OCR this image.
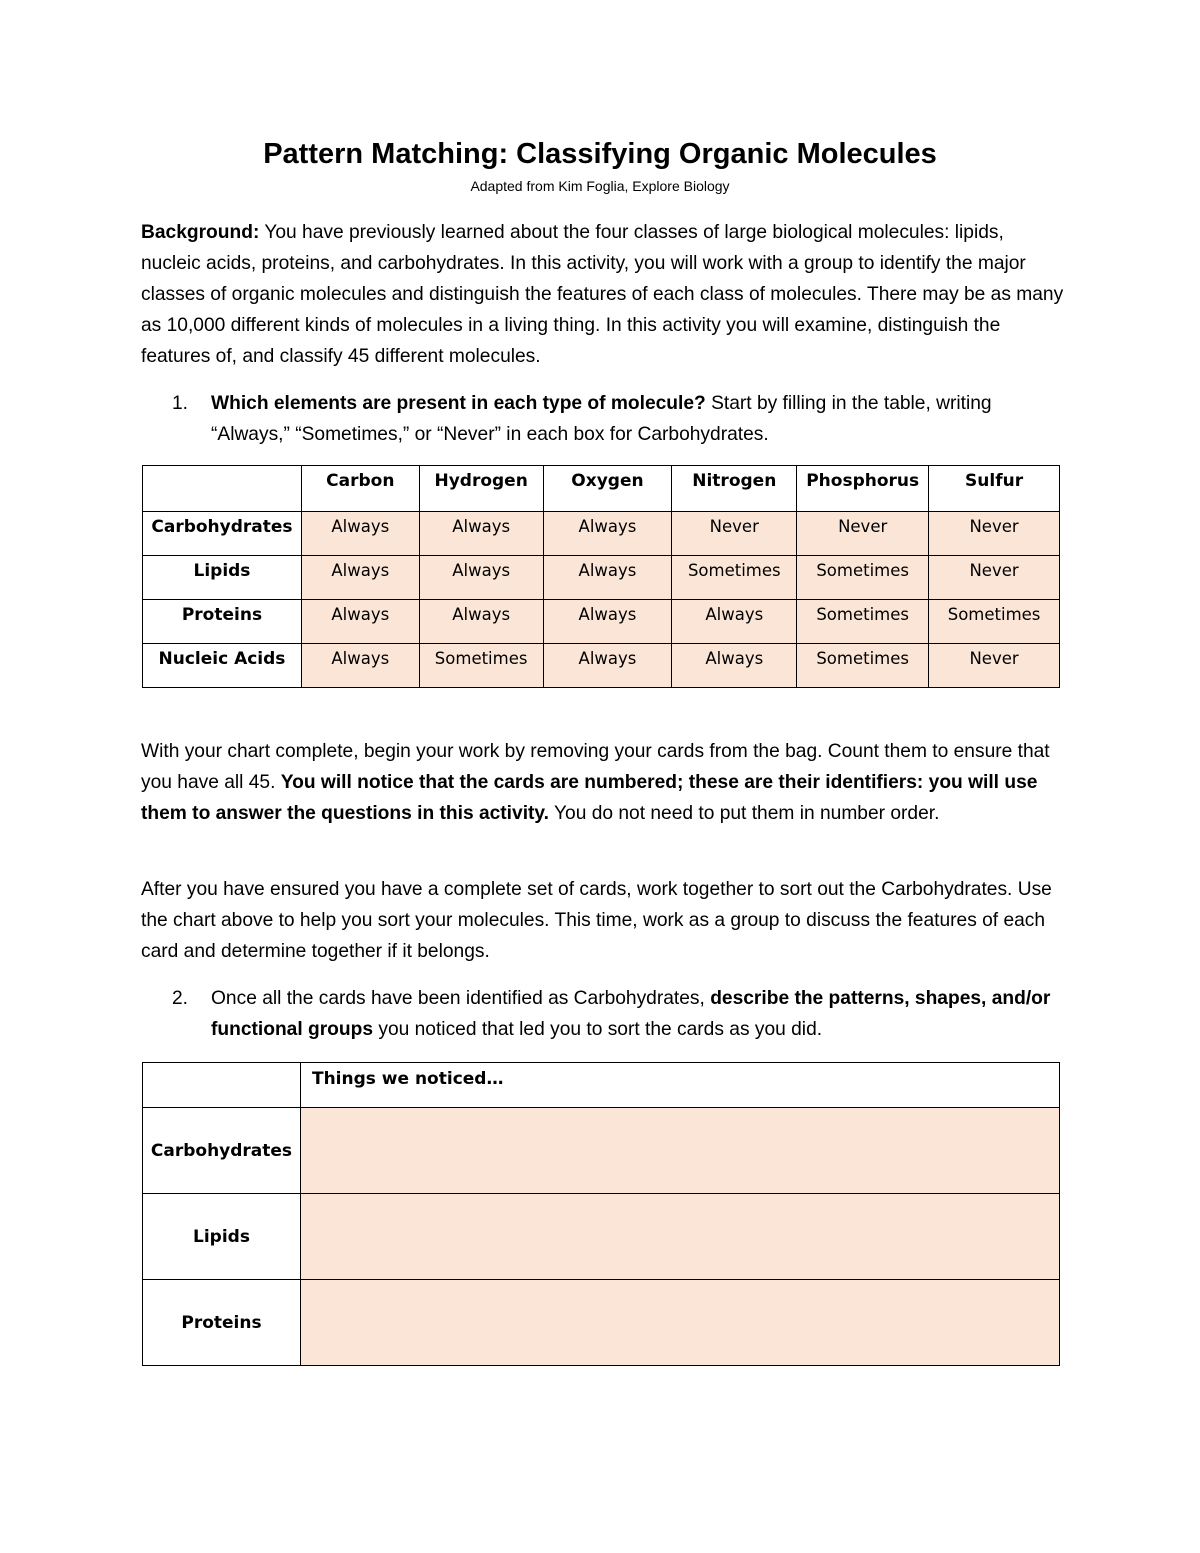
Pattern Matching: Classifying Organic Molecules
Adapted from Kim Foglia, Explore Biology

Background: You have previously learned about the four classes of large biological molecules: lipids, nucleic acids, proteins, and carbohydrates. In this activity, you will work with a group to identify the major classes of organic molecules and distinguish the features of each class of molecules. There may be as many as 10,000 different kinds of molecules in a living thing. In this activity you will examine, distinguish the features of, and classify 45 different molecules.

1. Which elements are present in each type of molecule? Start by filling in the table, writing “Always,” “Sometimes,” or “Never” in each box for Carbohydrates.
	Carbon	Hydrogen	Oxygen	Nitrogen	Phosphorus	Sulfur
Carbohydrates	Always	Always	Always	Never	Never	Never
Lipids	Always	Always	Always	Sometimes	Sometimes	Never
Proteins	Always	Always	Always	Always	Sometimes	Sometimes
Nucleic Acids	Always	Sometimes	Always	Always	Sometimes	Never

With your chart complete, begin your work by removing your cards from the bag. Count them to ensure that you have all 45. You will notice that the cards are numbered; these are their identifiers: you will use them to answer the questions in this activity. You do not need to put them in number order.

After you have ensured you have a complete set of cards, work together to sort out the Carbohydrates. Use the chart above to help you sort your molecules. This time, work as a group to discuss the features of each card and determine together if it belongs.

2. Once all the cards have been identified as Carbohydrates, describe the patterns, shapes, and/or functional groups you noticed that led you to sort the cards as you did.
	Things we noticed…
Carbohydrates	
Lipids	
Proteins	
